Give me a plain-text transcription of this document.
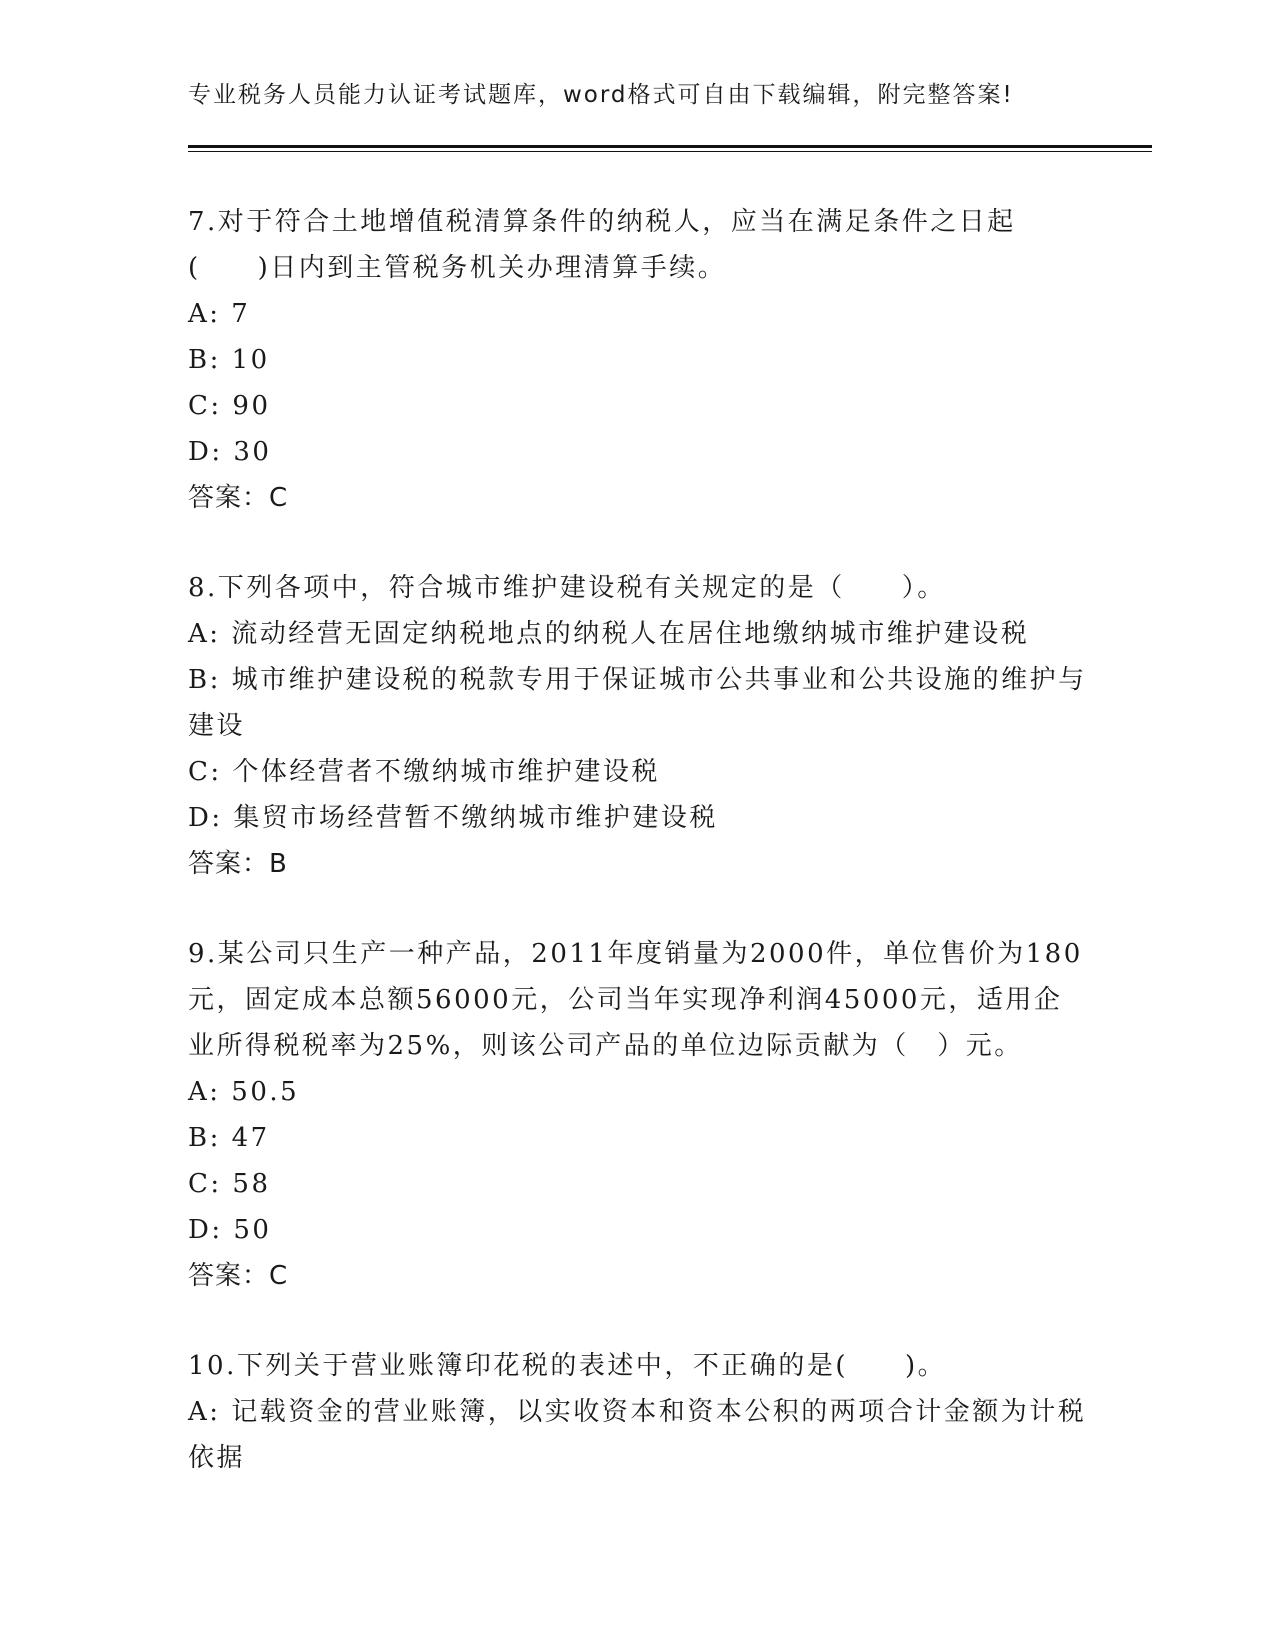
专业税务人员能力认证考试题库，word格式可自由下载编辑，附完整答案!
7.对于符合土地增值税清算条件的纳税人，应当在满足条件之日起(　　)日内到主管税务机关办理清算手续。
A: 7
B: 10
C: 90
D: 30
答案：C
8.下列各项中，符合城市维护建设税有关规定的是（　　）。
A: 流动经营无固定纳税地点的纳税人在居住地缴纳城市维护建设税
B: 城市维护建设税的税款专用于保证城市公共事业和公共设施的维护与建设
C: 个体经营者不缴纳城市维护建设税
D: 集贸市场经营暂不缴纳城市维护建设税
答案：B
9.某公司只生产一种产品，2011年度销量为2000件，单位售价为180元，固定成本总额56000元，公司当年实现净利润45000元，适用企业所得税税率为25%，则该公司产品的单位边际贡献为（　）元。
A: 50.5
B: 47
C: 58
D: 50
答案：C
10.下列关于营业账簿印花税的表述中，不正确的是(　　)。
A: 记载资金的营业账簿，以实收资本和资本公积的两项合计金额为计税依据
